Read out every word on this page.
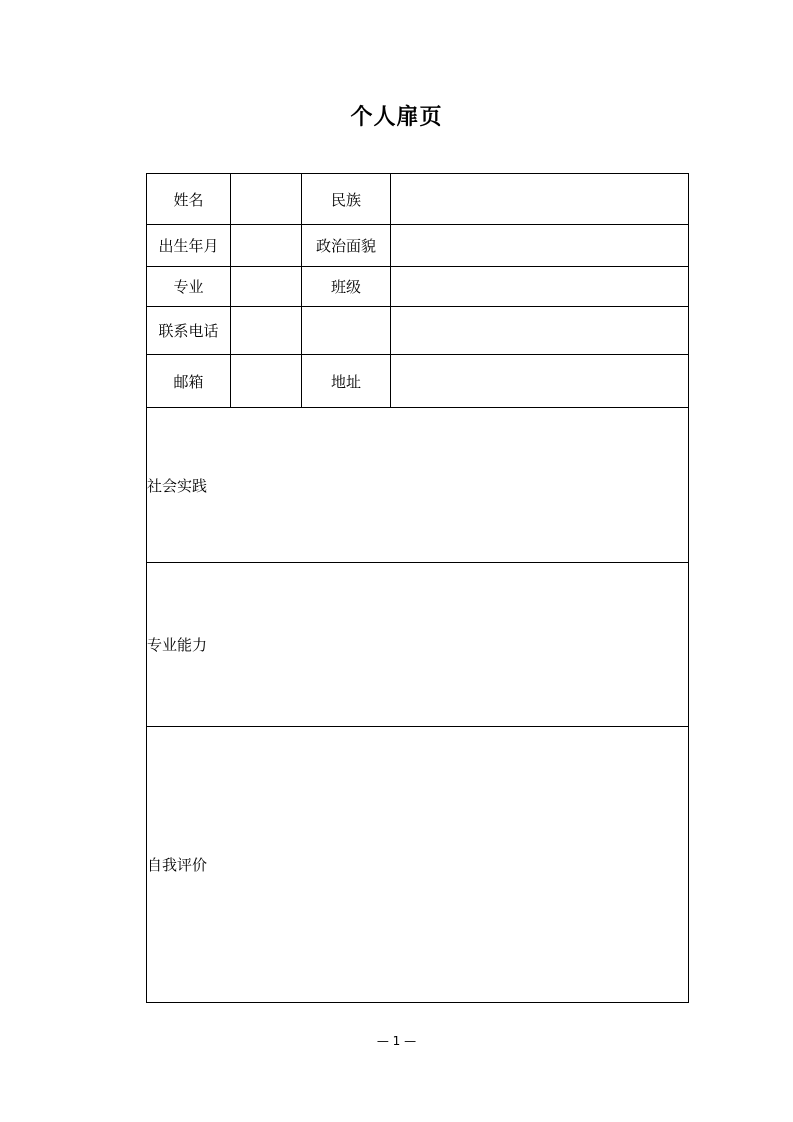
个人扉页
姓名		民族	
出生年月		政治面貌	
专业		班级	
联系电话			
邮箱		地址	
社会实践			
专业能力			
自我评价			
— 1 —
